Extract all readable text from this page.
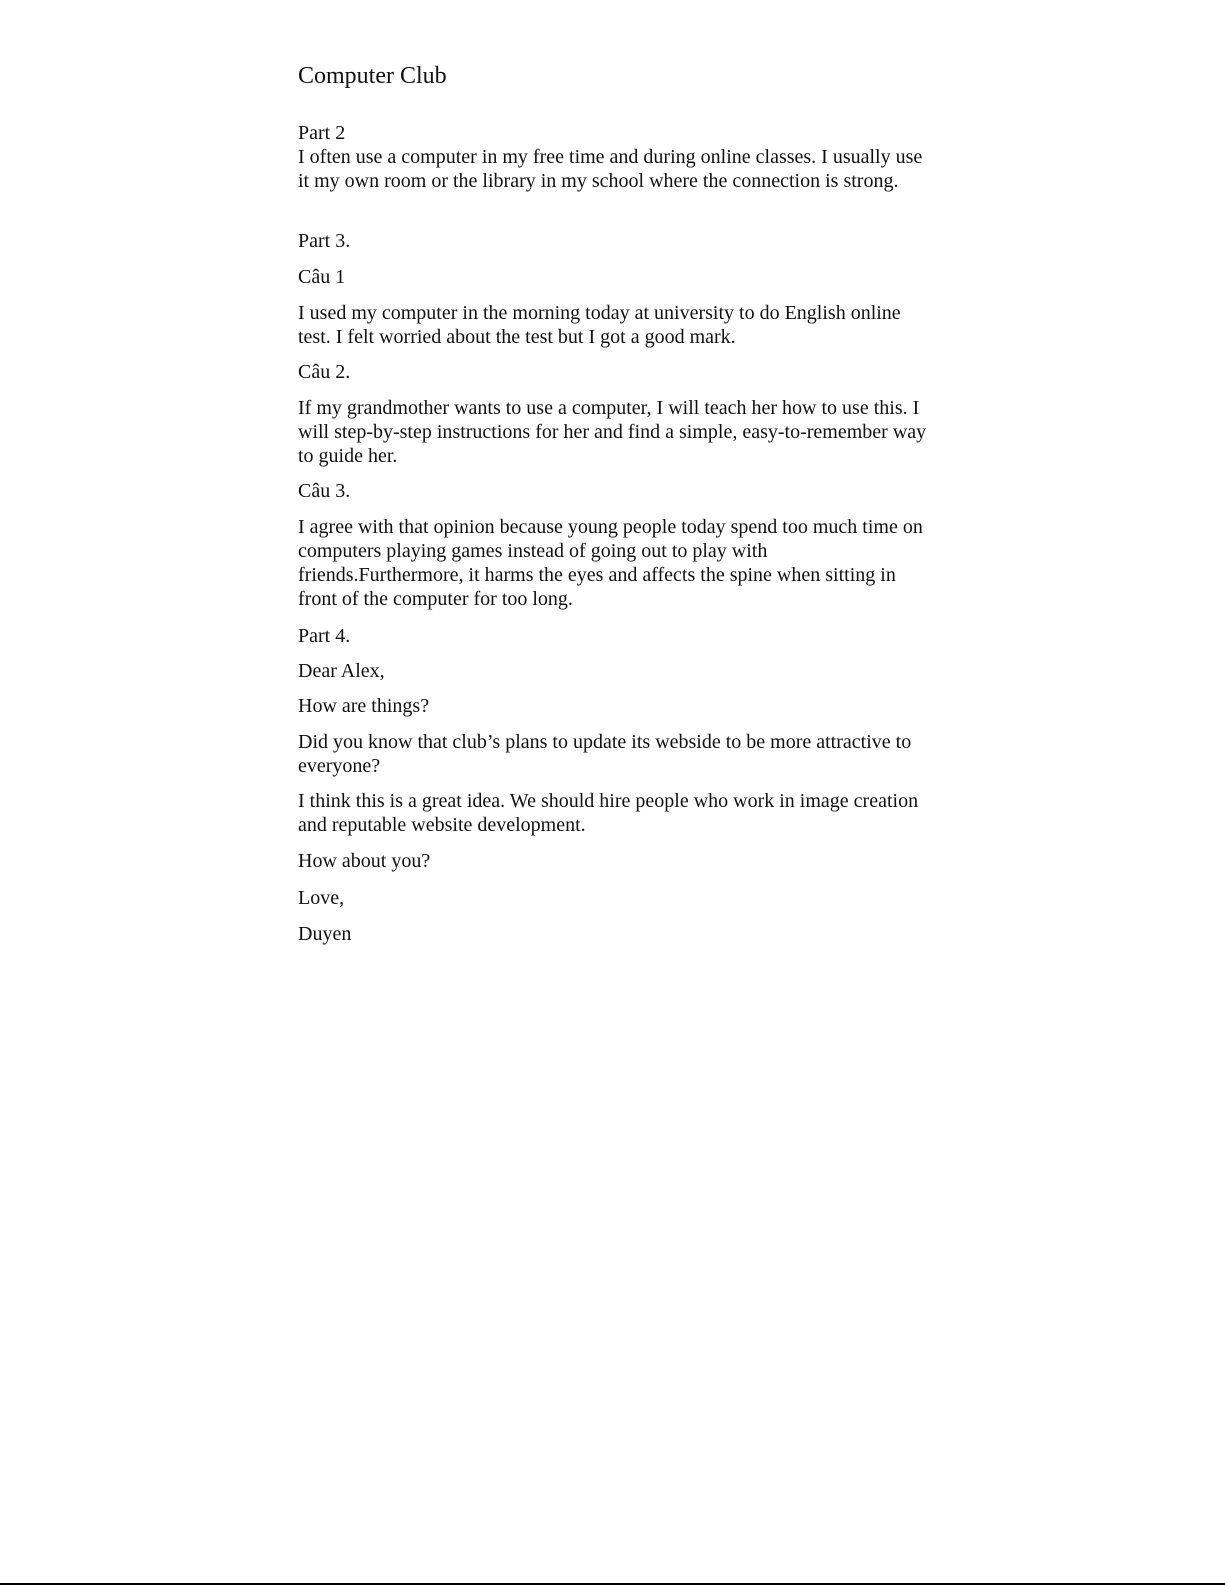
Computer Club

Part 2

I often use a computer in my free time and during online classes. I usually use it my own room or the library in my school where the connection is strong.

Part 3.

Câu 1

I used my computer in the morning today at university to do English online test. I felt worried about the test but I got a good mark.

Câu 2.

If my grandmother wants to use a computer, I will teach her how to use this. I will step-by-step instructions for her and find a simple, easy-to-remember way to guide her.

Câu 3.

I agree with that opinion because young people today spend too much time on computers playing games instead of going out to play with friends.Furthermore, it harms the eyes and affects the spine when sitting in front of the computer for too long.

Part 4.

Dear Alex,

How are things?

Did you know that club’s plans to update its webside to be more attractive to everyone?

I think this is a great idea. We should hire people who work in image creation and reputable website development.

How about you?

Love,

Duyen
